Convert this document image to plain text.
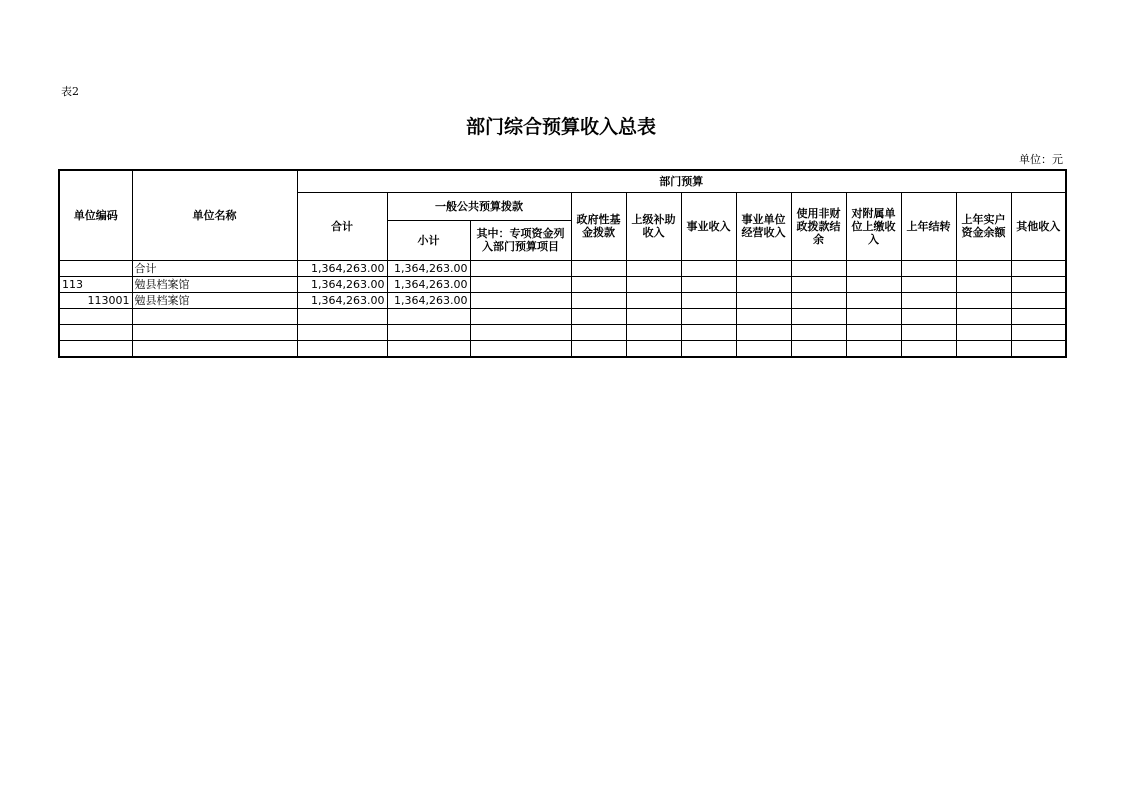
表2
部门综合预算收入总表
单位：元
单位编码	单位名称	部门预算											
		合计	一般公共预算拨款		政府性基金拨款	上级补助收入	事业收入	事业单位经营收入	使用非财政拨款结余	对附属单位上缴收入	上年结转	上年实户资金余额	其他收入
			小计	其中：专项资金列入部门预算项目									
	合计	1,364,263.00	1,364,263.00										
113	勉县档案馆	1,364,263.00	1,364,263.00										
113001	勉县档案馆	1,364,263.00	1,364,263.00										
